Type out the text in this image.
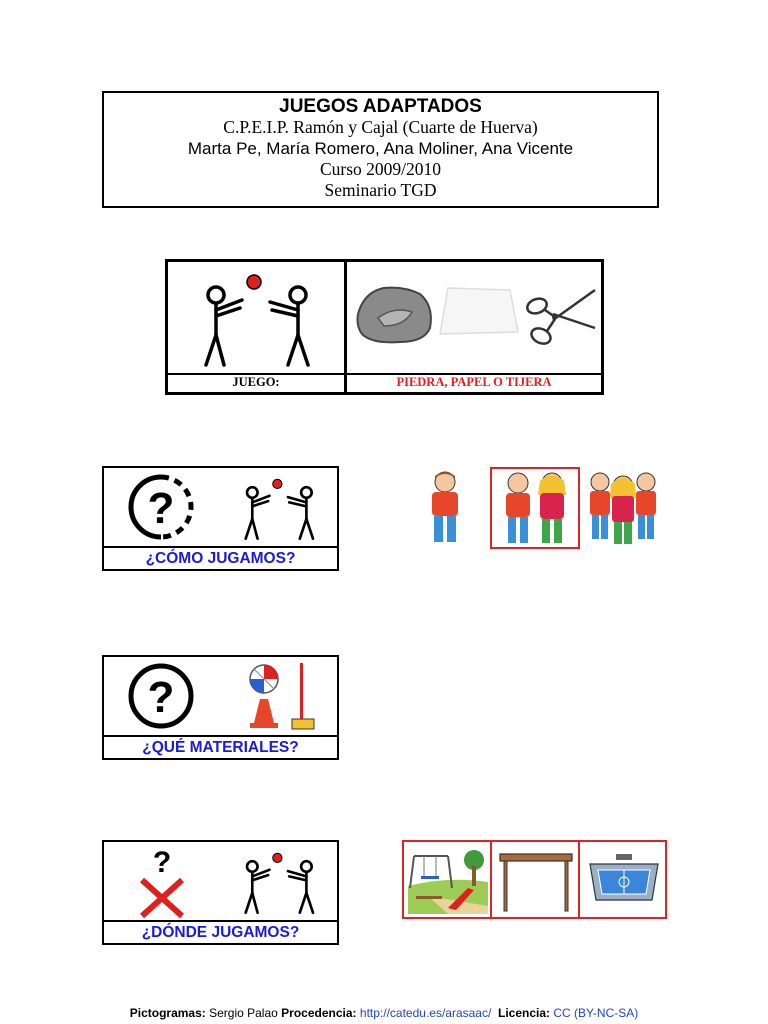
JUEGOS ADAPTADOS
C.P.E.I.P. Ramón y Cajal (Cuarte de Huerva)
Marta Pe, María Romero, Ana Moliner, Ana Vicente
Curso 2009/2010
Seminario TGD
JUEGO:	PIEDRA, PAPEL O TIJERA
?
¿CÓMO JUGAMOS?
?
¿QUÉ MATERIALES?
?
¿DÓNDE JUGAMOS?
Pictogramas: Sergio Palao Procedencia: http://catedu.es/arasaac/ Licencia: CC (BY-NC-SA)
